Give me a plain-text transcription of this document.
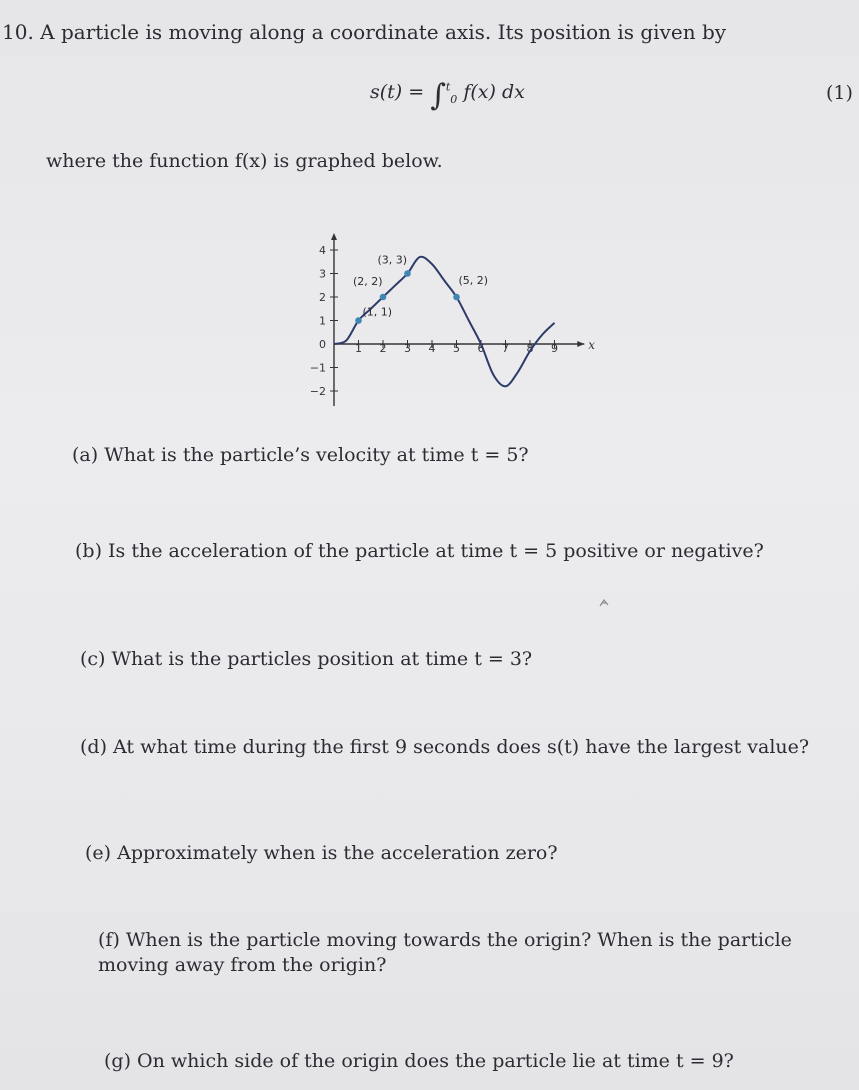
10. A particle is moving along a coordinate axis. Its position is given by
s(t) = ∫$^t_0$ f(x) dx	(1)
where the function f(x) is graphed below.
x
1 2 3 4 5 6 7 8 9
4
3
2
1
0
−1
−2
(1, 1)
(2, 2)
(3, 3)
(5, 2)
(a) What is the particle’s velocity at time t = 5?
(b) Is the acceleration of the particle at time t = 5 positive or negative?
(c) What is the particles position at time t = 3?
(d) At what time during the first 9 seconds does s(t) have the largest value?
(e) Approximately when is the acceleration zero?
(f) When is the particle moving towards the origin? When is the particle moving away from the origin?
(g) On which side of the origin does the particle lie at time t = 9?
